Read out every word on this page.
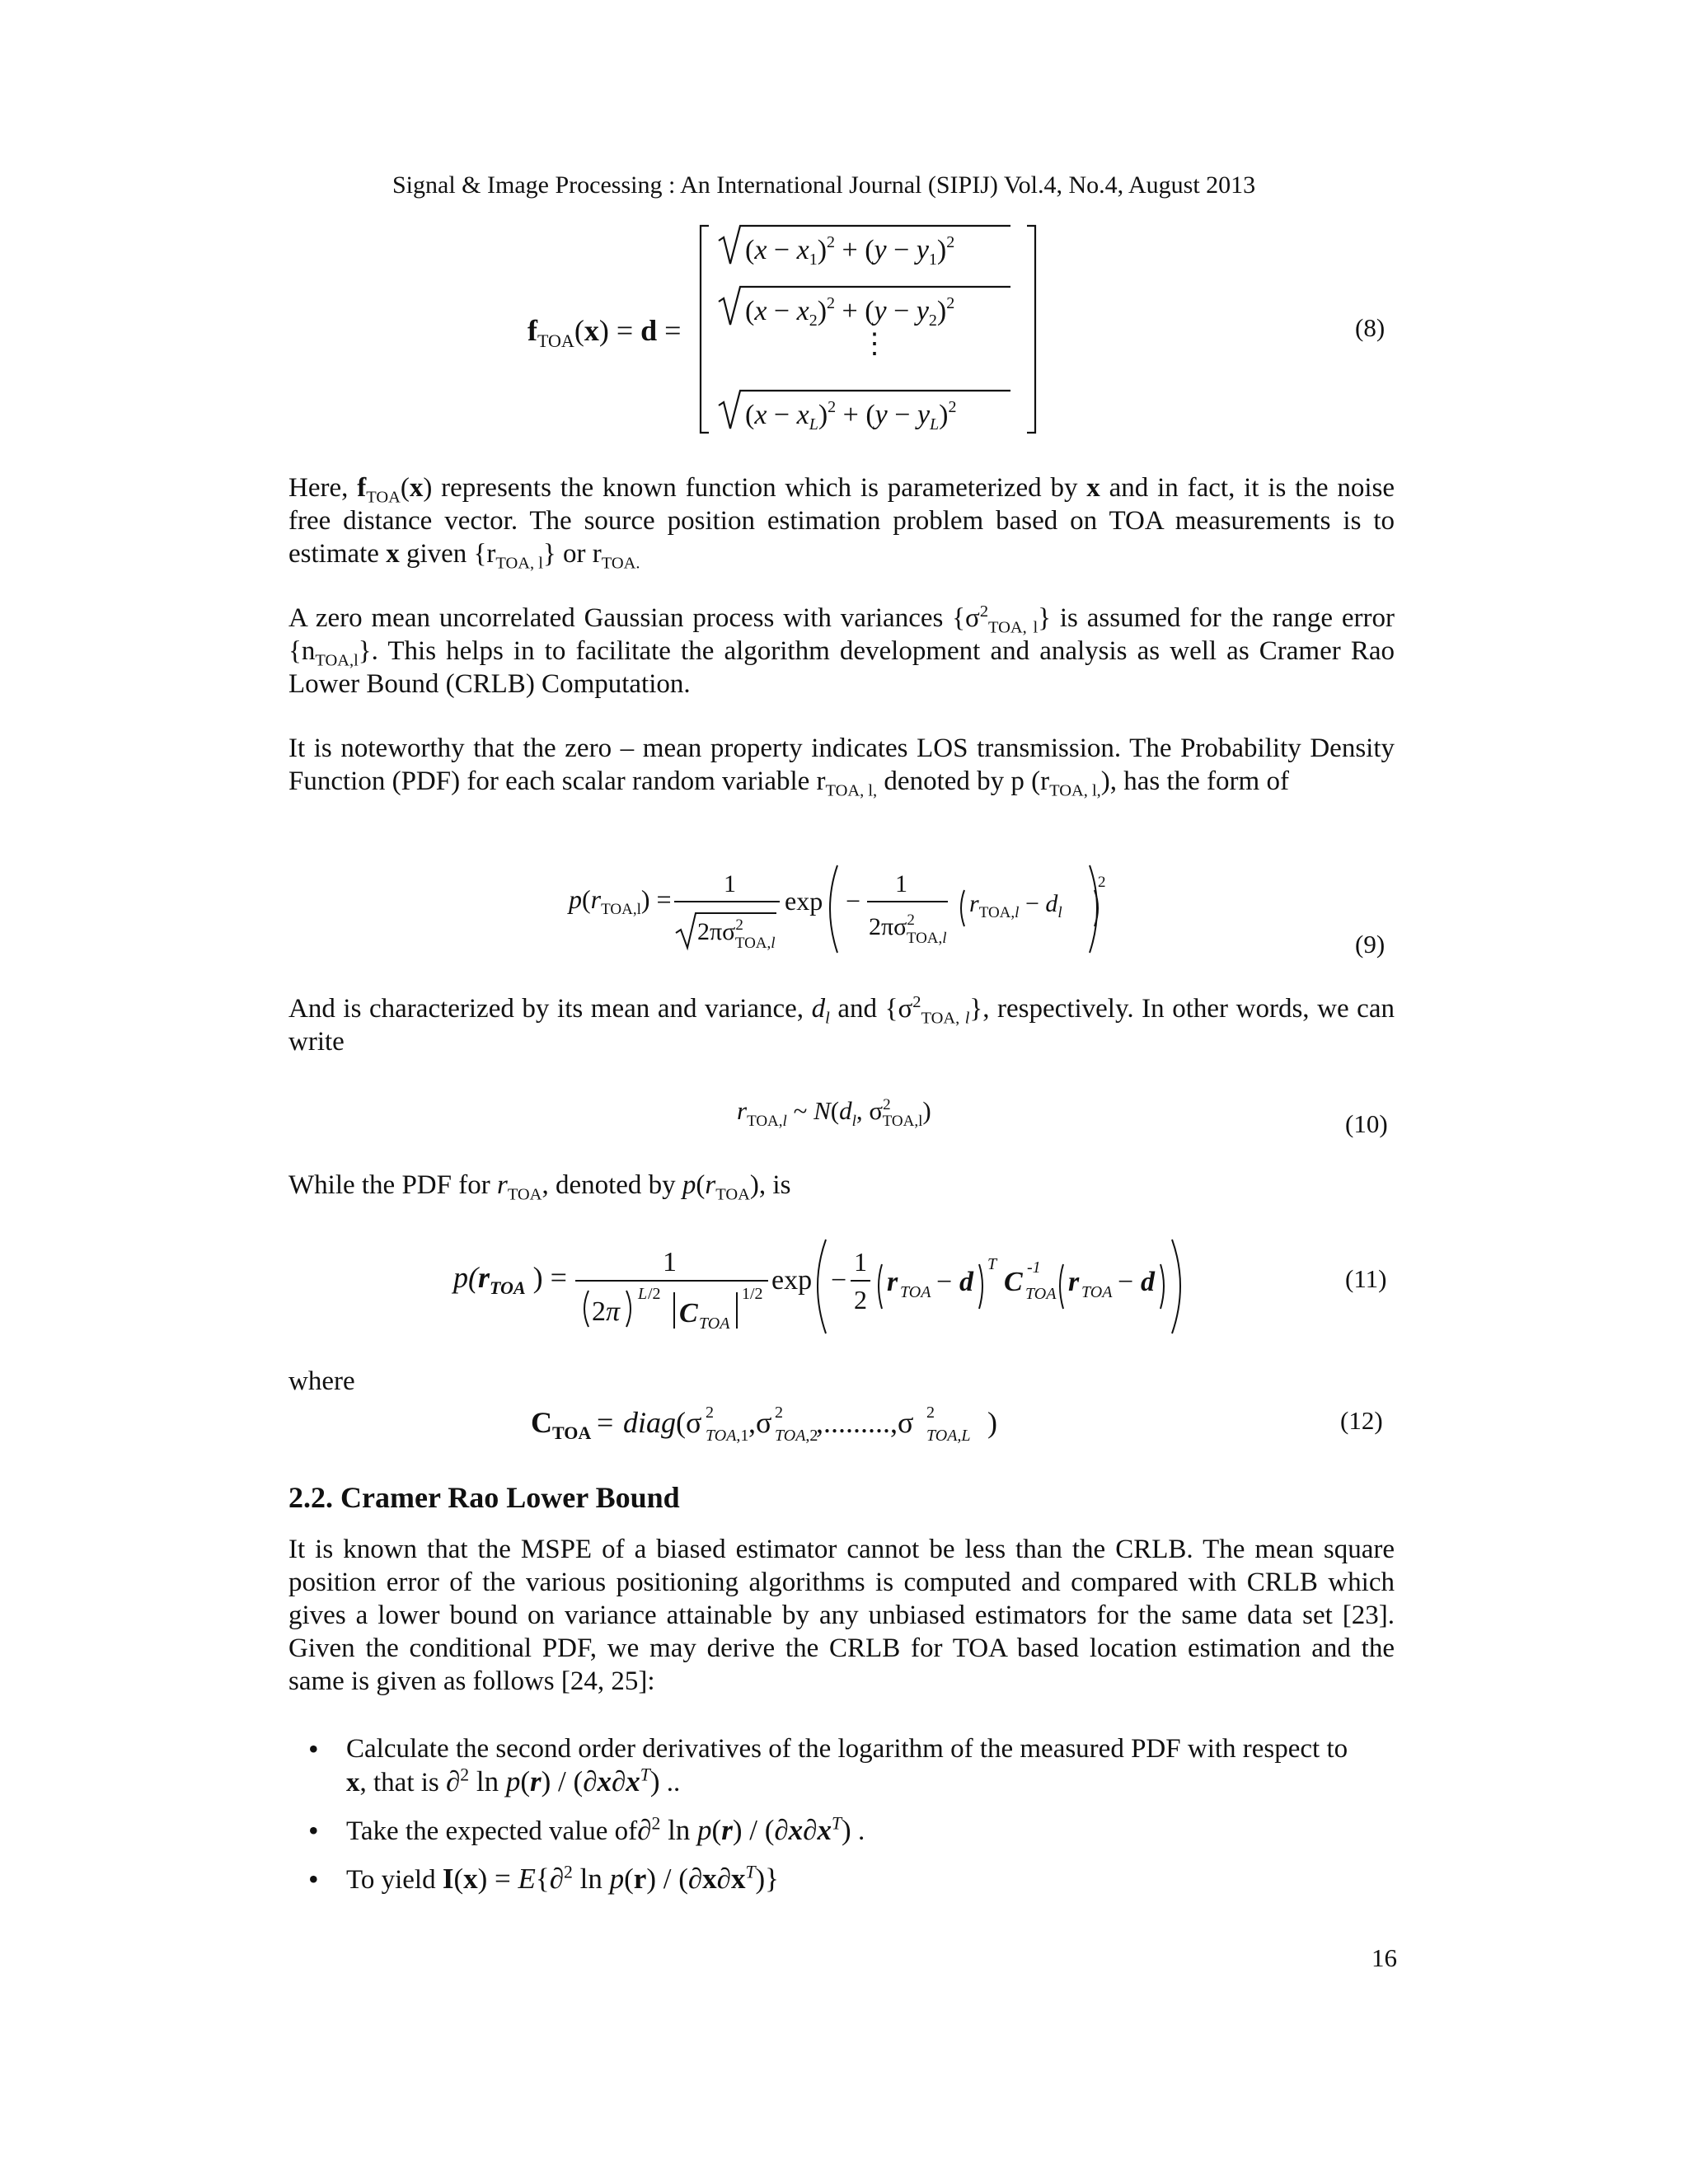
Signal & Image Processing : An International Journal (SIPIJ) Vol.4, No.4, August 2013
$f_{TOA}(x) = d$ =
$(x - x_1)^2 + (y - y_1)^2$
$(x - x_2)^2 + (y - y_2)^2$
⋮
$(x - x_L)^2 + (y - y_L)^2$
(8)
Here, $f_{TOA}(x)$ represents the known function which is parameterized by x and in fact, it is the noise free distance vector. The source position estimation problem based on TOA measurements is to estimate x given $\{r_{TOA, l}\}$ or $r_{TOA.}$
A zero mean uncorrelated Gaussian process with variances $\{\sigma^2_{TOA, l}\}$ is assumed for the range error $\{n_{TOA,l}\}$. This helps in to facilitate the algorithm development and analysis as well as Cramer Rao Lower Bound (CRLB) Computation.
It is noteworthy that the zero – mean property indicates LOS transmission. The Probability Density Function (PDF) for each scalar random variable $r_{TOA, l,}$ denoted by p $(r_{TOA, l,})$, has the form of
$p(r_{TOA,l})$ =
1
$2\pi\sigma^2$ TOA,l
exp −
1
$2\pi\sigma^2$ TOA,l
$r_{TOA,}l - d_l$
2
(9)
And is characterized by its mean and variance, $d_l$ and $\{\sigma^2_{TOA, l}\}$, respectively. In other words, we can write
$r_{TOA,}l$ ~ $N(d_l$, $\sigma^2$ TOA,l)	(10)
While the PDF for $r_{TOA}$, denoted by $p(r_{TOA})$, is
$p(r_{TOA}$ ) =	1
2π
L /2
C TOA
1/2 exp −
1
2
r TOA − d
T
C -1
TOA r TOA − d	(11)
where
C TOA = diag (σ 2
TOA,1 ,σ 2
TOA,2
,.........,σ 2
TOA,L )	(12)
2.2. Cramer Rao Lower Bound
It is known that the MSPE of a biased estimator cannot be less than the CRLB. The mean square position error of the various positioning algorithms is computed and compared with CRLB which gives a lower bound on variance attainable by any unbiased estimators for the same data set [23]. Given the conditional PDF, we may derive the CRLB for TOA based location estimation and the same is given as follows [24, 25]:
• Calculate the second order derivatives of the logarithm of the measured PDF with respect to
x, that is ∂$^2$ $\ln p(r) / (\partial x\partial x^T)$ ..
• Take the expected value of∂$^2$ $\ln p(r) / (\partial x\partial x^T)$ .
• To yield I(x) = E{∂$^2$ $\ln p(r) / (\partial x\partial x^T)$}
16
